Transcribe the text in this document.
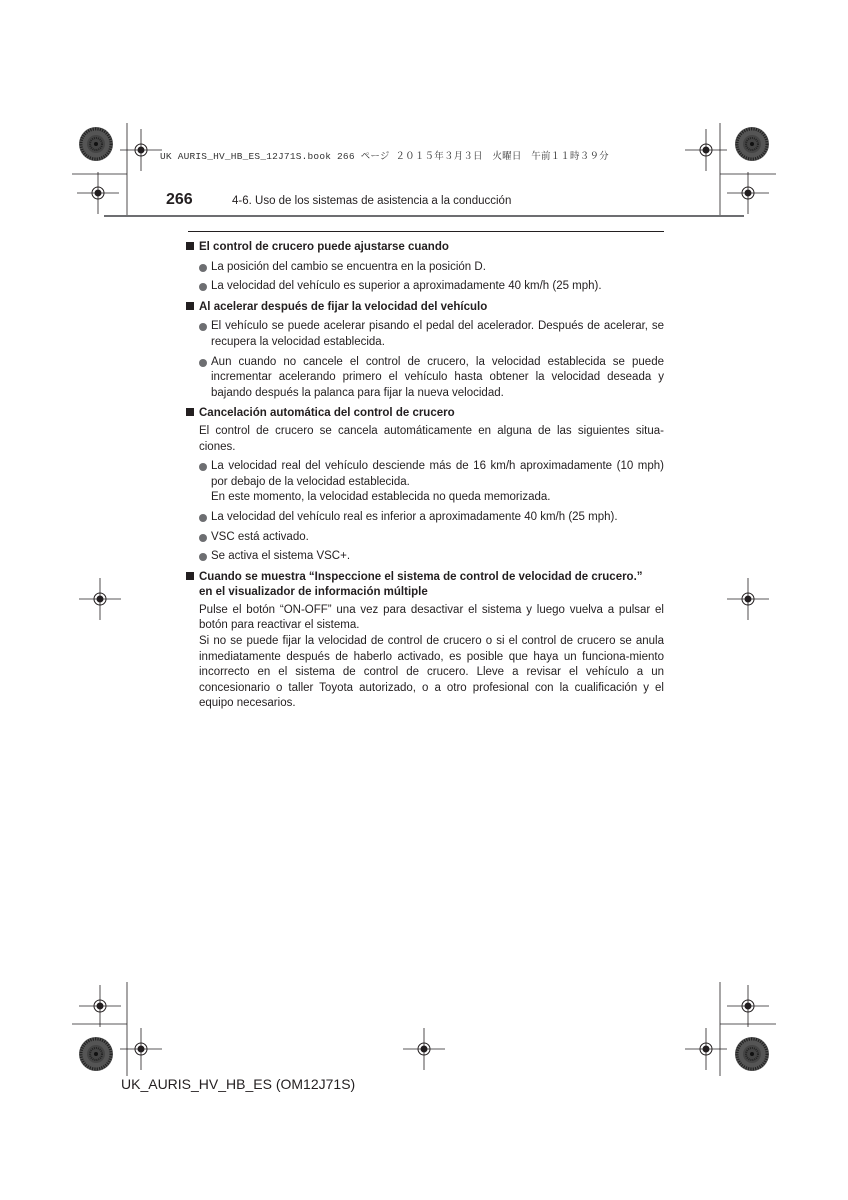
UK AURIS_HV_HB_ES_12J71S.book 266 ページ ２０１５年３月３日　火曜日　午前１１時３９分
266	4-6. Uso de los sistemas de asistencia a la conducción
El control de crucero puede ajustarse cuando
La posición del cambio se encuentra en la posición D.
La velocidad del vehículo es superior a aproximadamente 40 km/h (25 mph).
Al acelerar después de fijar la velocidad del vehículo
El vehículo se puede acelerar pisando el pedal del acelerador. Después de acelerar, se recupera la velocidad establecida.
Aun cuando no cancele el control de crucero, la velocidad establecida se puede incrementar acelerando primero el vehículo hasta obtener la velocidad deseada y bajando después la palanca para fijar la nueva velocidad.
Cancelación automática del control de crucero
El control de crucero se cancela automáticamente en alguna de las siguientes situa-ciones.
La velocidad real del vehículo desciende más de 16 km/h aproximadamente (10 mph) por debajo de la velocidad establecida.
En este momento, la velocidad establecida no queda memorizada.
La velocidad del vehículo real es inferior a aproximadamente 40 km/h (25 mph).
VSC está activado.
Se activa el sistema VSC+.
Cuando se muestra “Inspeccione el sistema de control de velocidad de crucero.”
en el visualizador de información múltiple
Pulse el botón “ON-OFF” una vez para desactivar el sistema y luego vuelva a pulsar el botón para reactivar el sistema.
Si no se puede fijar la velocidad de control de crucero o si el control de crucero se anula inmediatamente después de haberlo activado, es posible que haya un funciona-miento incorrecto en el sistema de control de crucero. Lleve a revisar el vehículo a un concesionario o taller Toyota autorizado, o a otro profesional con la cualificación y el equipo necesarios.
UK_AURIS_HV_HB_ES (OM12J71S)
